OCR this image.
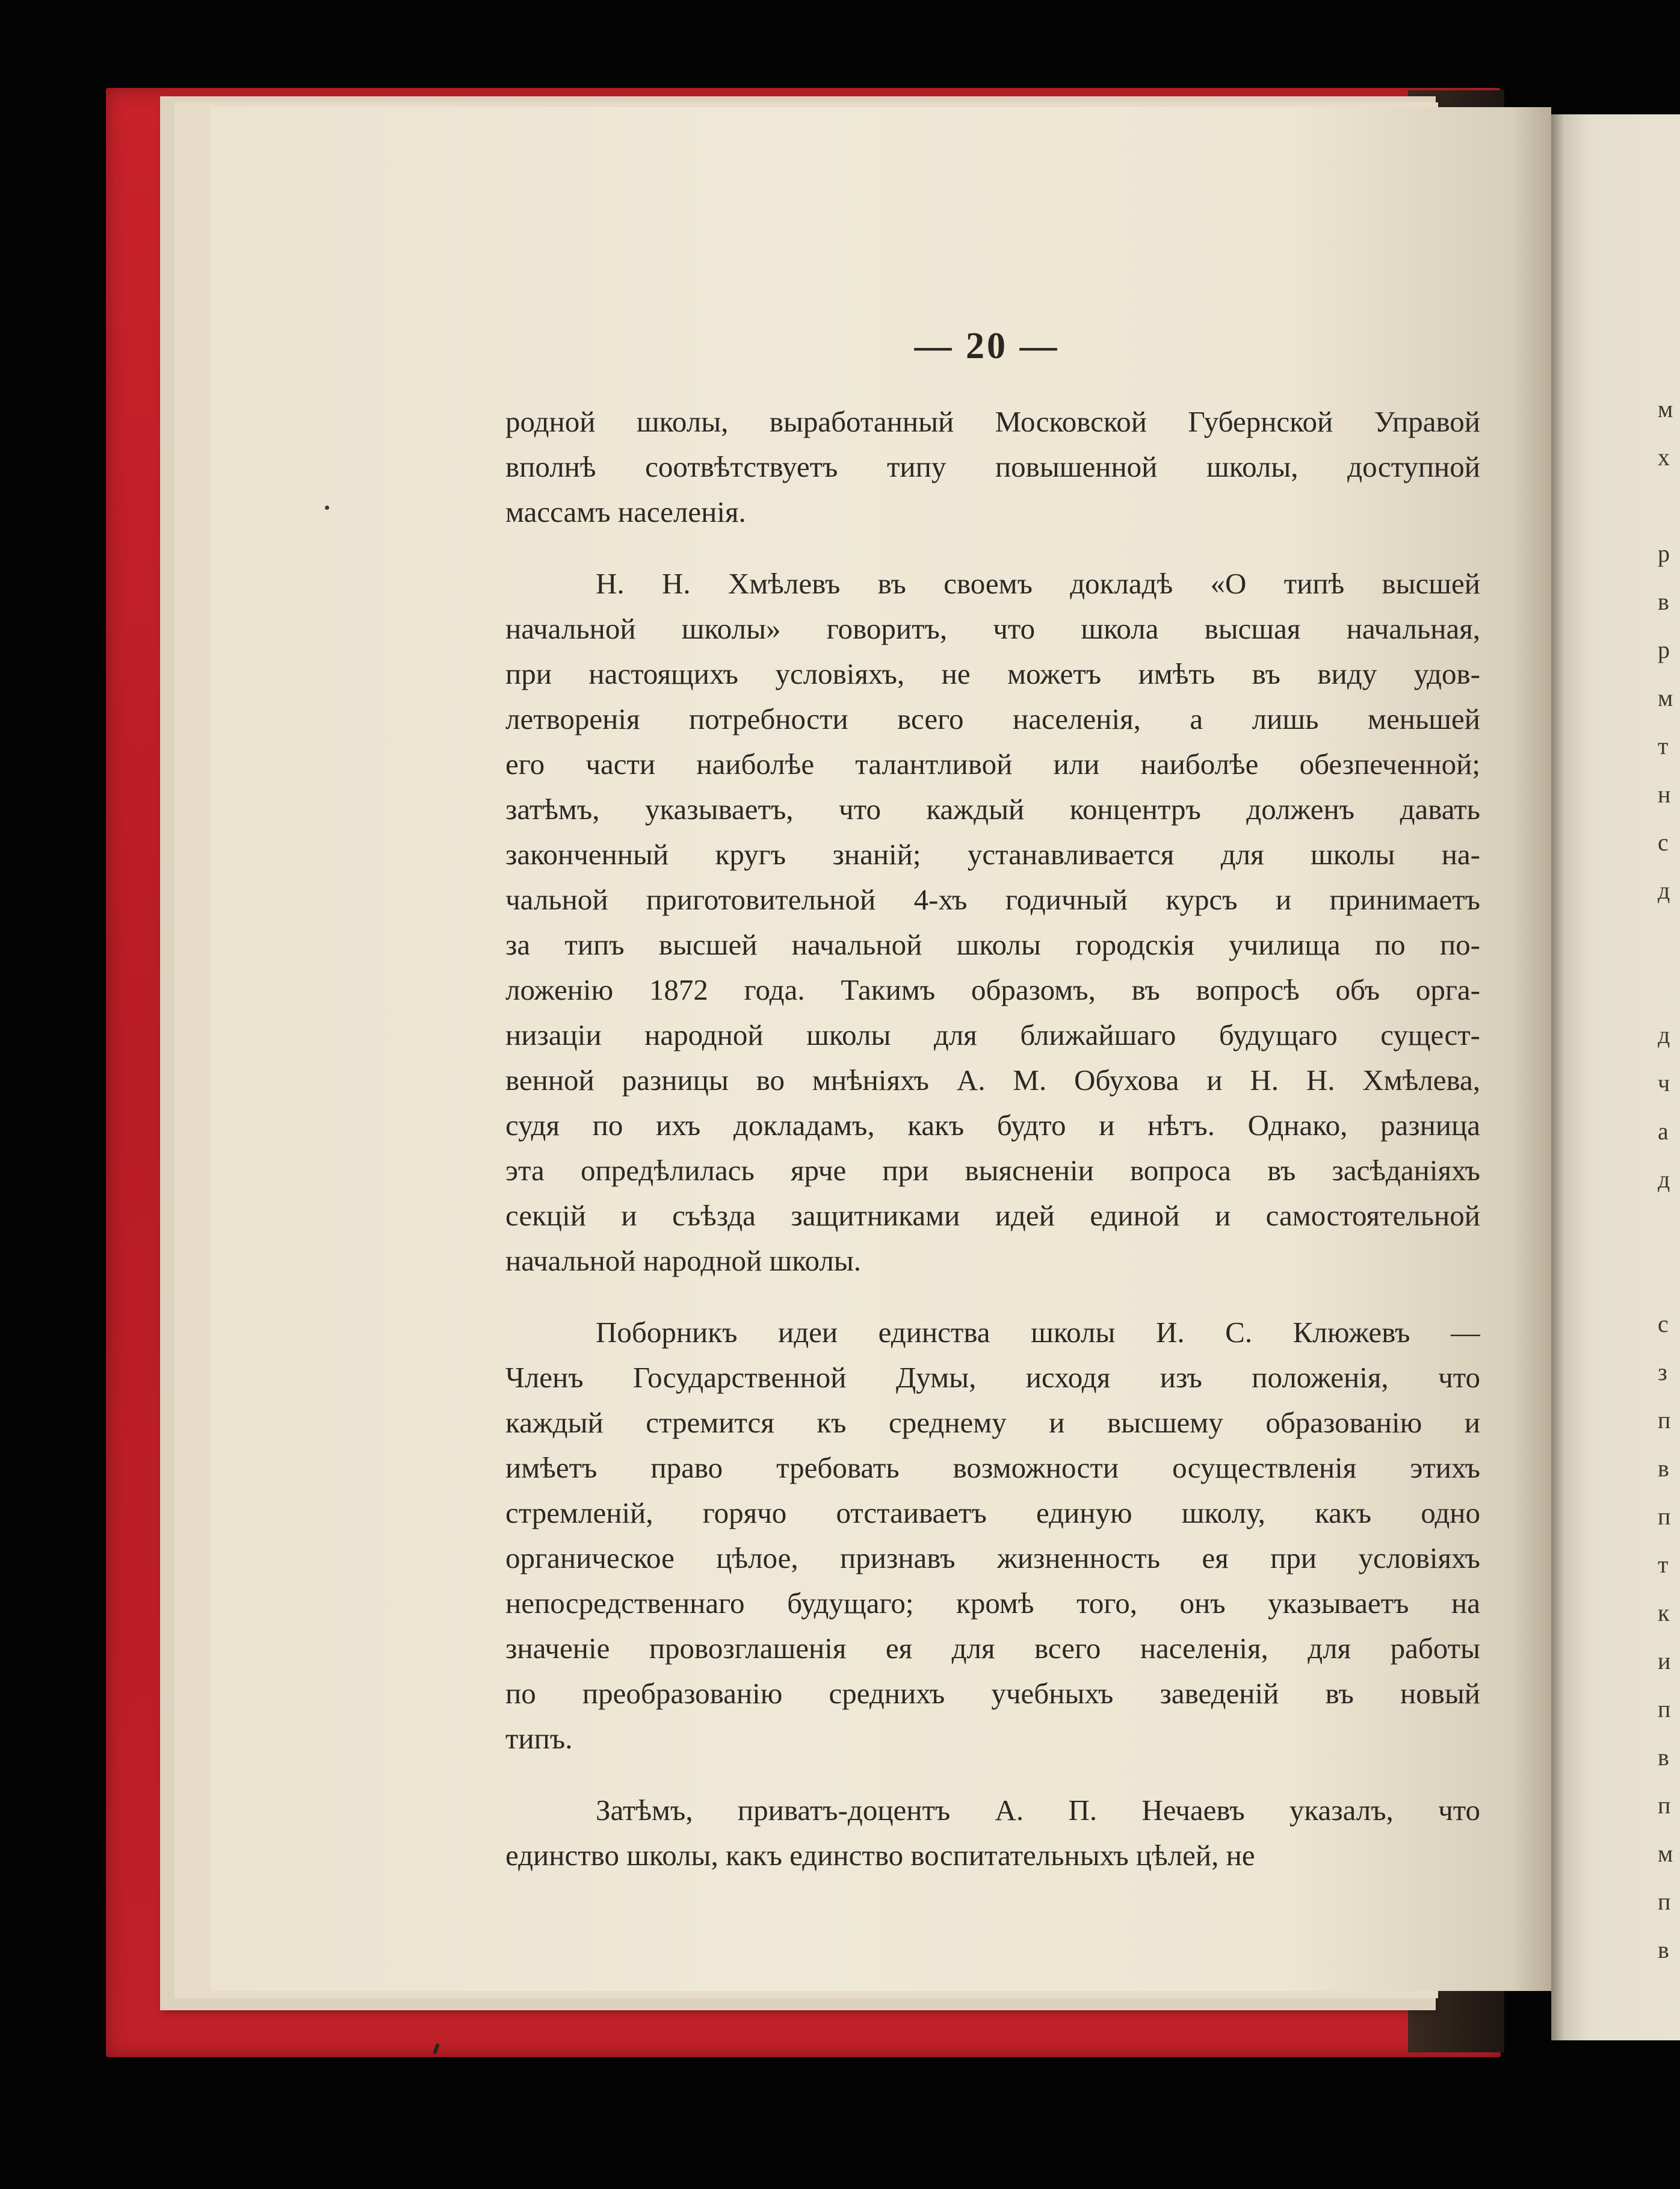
м
х
р
в
р
м
т
н
с
д
д
ч
а
д
с
з
п
в
п
т
к
и
п
в
п
м
п
в
— 20 —
родной школы, выработанный Московской Губернской Управой
вполнѣ соотвѣтствуетъ типу повышенной школы, доступной
массамъ населенія.
Н. Н. Хмѣлевъ въ своемъ докладѣ «О типѣ высшей
начальной школы» говоритъ, что школа высшая начальная,
при настоящихъ условіяхъ, не можетъ имѣть въ виду удов-
летворенія потребности всего населенія, а лишь меньшей
его части наиболѣе талантливой или наиболѣе обезпеченной;
затѣмъ, указываетъ, что каждый концентръ долженъ давать
законченный кругъ знаній; устанавливается для школы на-
чальной приготовительной 4-хъ годичный курсъ и принимаетъ
за типъ высшей начальной школы городскія училища по по-
ложенію 1872 года. Такимъ образомъ, въ вопросѣ объ орга-
низаціи народной школы для ближайшаго будущаго сущест-
венной разницы во мнѣніяхъ А. М. Обухова и Н. Н. Хмѣлева,
судя по ихъ докладамъ, какъ будто и нѣтъ. Однако, разница
эта опредѣлилась ярче при выясненіи вопроса въ засѣданіяхъ
секцій и съѣзда защитниками идей единой и самостоятельной
начальной народной школы.
Поборникъ идеи единства школы И. С. Клюжевъ —
Членъ Государственной Думы, исходя изъ положенія, что
каждый стремится къ среднему и высшему образованію и
имѣетъ право требовать возможности осуществленія этихъ
стремленій, горячо отстаиваетъ единую школу, какъ одно
органическое цѣлое, признавъ жизненность ея при условіяхъ
непосредственнаго будущаго; кромѣ того, онъ указываетъ на
значеніе провозглашенія ея для всего населенія, для работы
по преобразованію среднихъ учебныхъ заведеній въ новый
типъ.
Затѣмъ, приватъ-доцентъ А. П. Нечаевъ указалъ, что
единство школы, какъ единство воспитательныхъ цѣлей, не
